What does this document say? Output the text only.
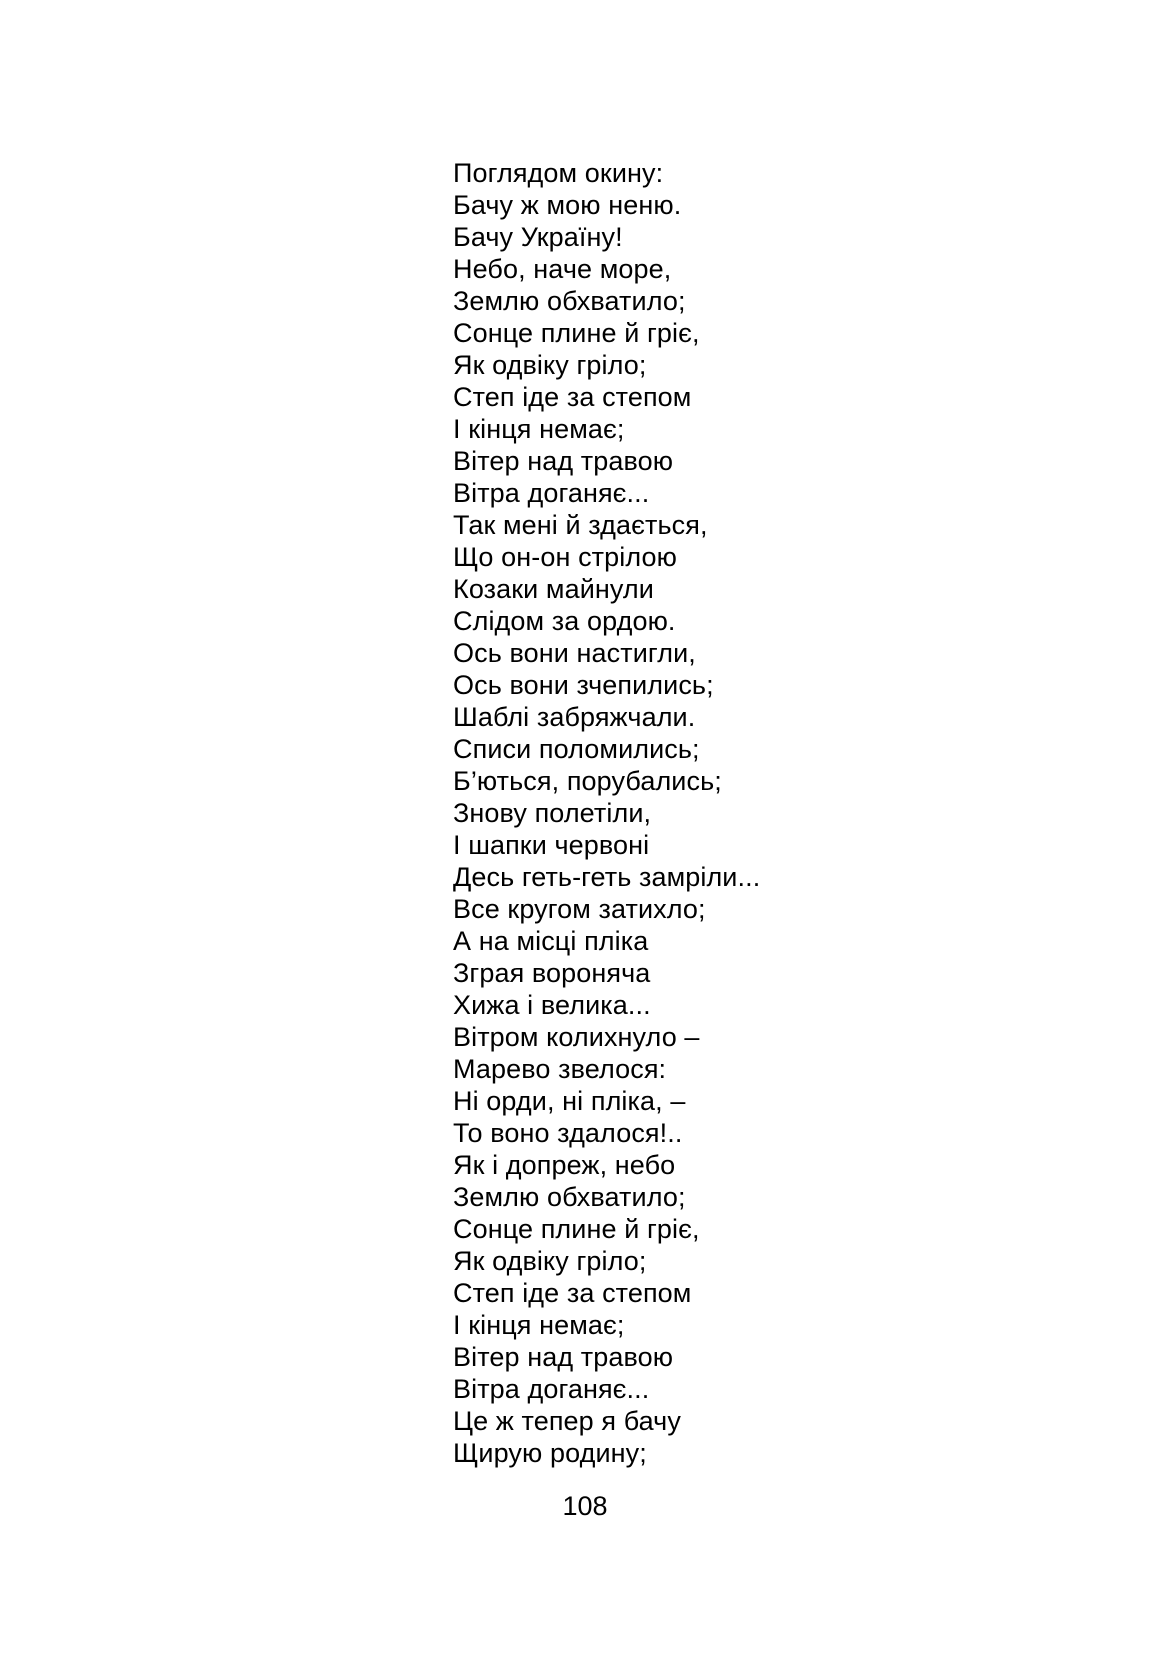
Поглядом окину:
Бачу ж мою неню.
Бачу Україну!
Небо, наче море,
Землю обхватило;
Сонце плине й гріє,
Як одвіку гріло;
Степ іде за степом
І кінця немає;
Вітер над травою
Вітра доганяє...
Так мені й здається,
Що он-он стрілою
Козаки майнули
Слідом за ордою.
Ось вони настигли,
Ось вони зчепились;
Шаблі забряжчали.
Списи поломились;
Б’ються, порубались;
Знову полетіли,
І шапки червоні
Десь геть-геть замріли...
Все кругом затихло;
А на місці пліка
Зграя вороняча
Хижа і велика...
Вітром колихнуло –
Марево звелося:
Ні орди, ні пліка, –
То воно здалося!..
Як і допреж, небо
Землю обхватило;
Сонце плине й гріє,
Як одвіку гріло;
Степ іде за степом
І кінця немає;
Вітер над травою
Вітра доганяє...
Це ж тепер я бачу
Щирую родину;
108
